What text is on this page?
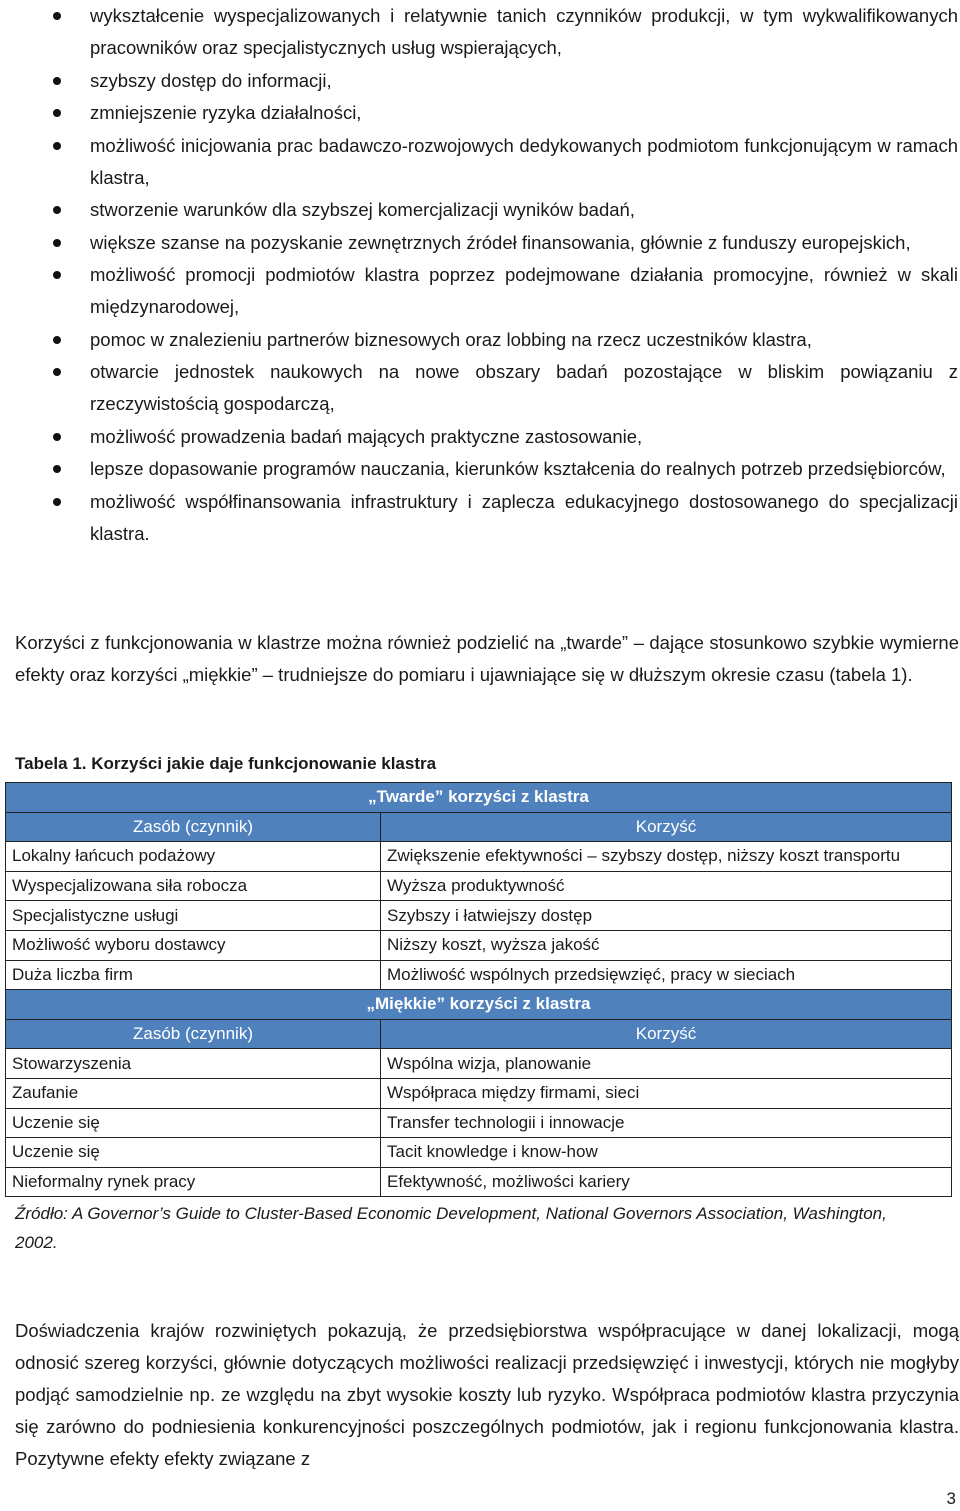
wykształcenie wyspecjalizowanych i relatywnie tanich czynników produkcji, w tym wykwalifikowanych pracowników oraz specjalistycznych usług wspierających,
szybszy dostęp do informacji,
zmniejszenie ryzyka działalności,
możliwość inicjowania prac badawczo-rozwojowych dedykowanych podmiotom funkcjonującym w ramach klastra,
stworzenie warunków dla szybszej komercjalizacji wyników badań,
większe szanse na pozyskanie zewnętrznych źródeł finansowania, głównie z funduszy europejskich,
możliwość promocji podmiotów klastra poprzez podejmowane działania promocyjne, również w skali międzynarodowej,
pomoc w znalezieniu partnerów biznesowych oraz lobbing na rzecz uczestników klastra,
otwarcie jednostek naukowych na nowe obszary badań pozostające w bliskim powiązaniu z rzeczywistością gospodarczą,
możliwość prowadzenia badań mających praktyczne zastosowanie,
lepsze dopasowanie programów nauczania, kierunków kształcenia do realnych potrzeb przedsiębiorców,
możliwość współfinansowania infrastruktury i zaplecza edukacyjnego dostosowanego do specjalizacji klastra.

Korzyści z funkcjonowania w klastrze można również podzielić na „twarde” – dające stosunkowo szybkie wymierne efekty oraz korzyści „miękkie” – trudniejsze do pomiaru i ujawniające się w dłuższym okresie czasu (tabela 1).

Tabela 1. Korzyści jakie daje funkcjonowanie klastra

„Twarde” korzyści z klastra	
Zasób (czynnik)	Korzyść
Lokalny łańcuch podażowy	Zwiększenie efektywności – szybszy dostęp, niższy koszt transportu
Wyspecjalizowana siła robocza	Wyższa produktywność
Specjalistyczne usługi	Szybszy i łatwiejszy dostęp
Możliwość wyboru dostawcy	Niższy koszt, wyższa jakość
Duża liczba firm	Możliwość wspólnych przedsięwzięć, pracy w sieciach
„Miękkie” korzyści z klastra	
Zasób (czynnik)	Korzyść
Stowarzyszenia	Wspólna wizja, planowanie
Zaufanie	Współpraca między firmami, sieci
Uczenie się	Transfer technologii i innowacje
Uczenie się	Tacit knowledge i know-how
Nieformalny rynek pracy	Efektywność, możliwości kariery

Źródło: A Governor’s Guide to Cluster-Based Economic Development, National Governors Association, Washington, 2002.

Doświadczenia krajów rozwiniętych pokazują, że przedsiębiorstwa współpracujące w danej lokalizacji, mogą odnosić szereg korzyści, głównie dotyczących możliwości realizacji przedsięwzięć i inwestycji, których nie mogłyby podjąć samodzielnie np. ze względu na zbyt wysokie koszty lub ryzyko. Współpraca podmiotów klastra przyczynia się zarówno do podniesienia konkurencyjności poszczególnych podmiotów, jak i regionu funkcjonowania klastra. Pozytywne efekty efekty związane z

3
